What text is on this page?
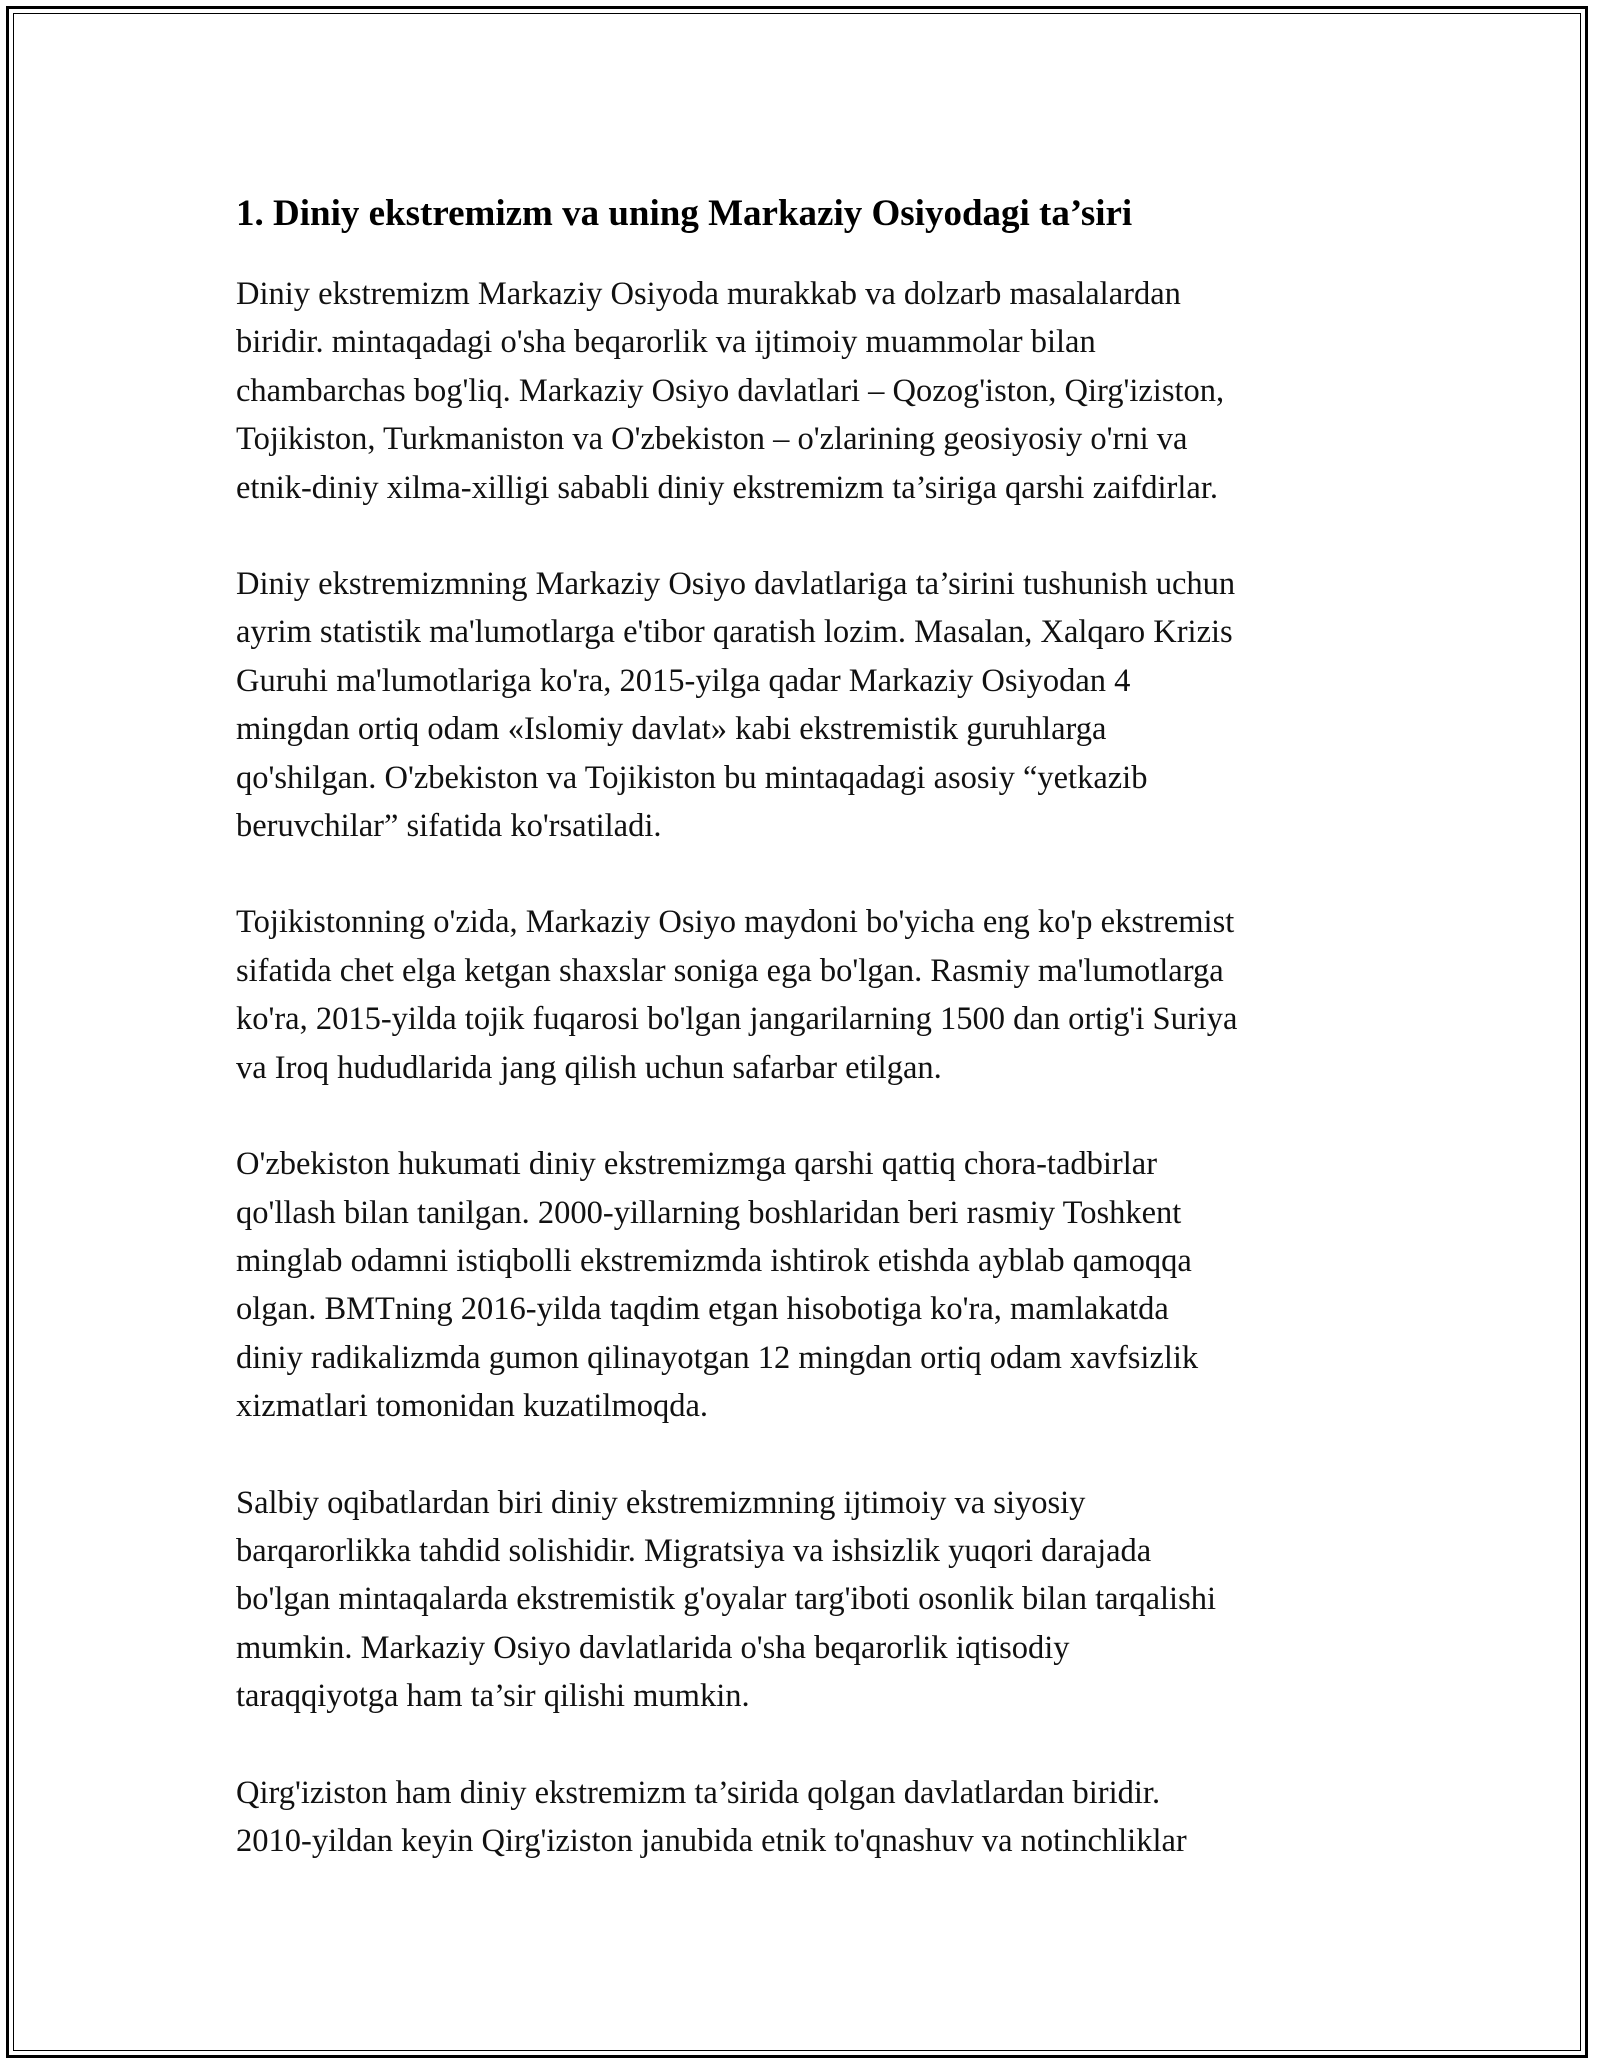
1. Diniy ekstremizm va uning Markaziy Osiyodagi ta’siri

Diniy ekstremizm Markaziy Osiyoda murakkab va dolzarb masalalardan
biridir. mintaqadagi o'sha beqarorlik va ijtimoiy muammolar bilan
chambarchas bog'liq. Markaziy Osiyo davlatlari – Qozog'iston, Qirg'iziston,
Tojikiston, Turkmaniston va O'zbekiston – o'zlarining geosiyosiy o'rni va
etnik-diniy xilma-xilligi sababli diniy ekstremizm ta’siriga qarshi zaifdirlar.

Diniy ekstremizmning Markaziy Osiyo davlatlariga ta’sirini tushunish uchun
ayrim statistik ma'lumotlarga e'tibor qaratish lozim. Masalan, Xalqaro Krizis
Guruhi ma'lumotlariga ko'ra, 2015-yilga qadar Markaziy Osiyodan 4
mingdan ortiq odam «Islomiy davlat» kabi ekstremistik guruhlarga
qo'shilgan. O'zbekiston va Tojikiston bu mintaqadagi asosiy “yetkazib
beruvchilar” sifatida ko'rsatiladi.

Tojikistonning o'zida, Markaziy Osiyo maydoni bo'yicha eng ko'p ekstremist
sifatida chet elga ketgan shaxslar soniga ega bo'lgan. Rasmiy ma'lumotlarga
ko'ra, 2015-yilda tojik fuqarosi bo'lgan jangarilarning 1500 dan ortig'i Suriya
va Iroq hududlarida jang qilish uchun safarbar etilgan.

O'zbekiston hukumati diniy ekstremizmga qarshi qattiq chora-tadbirlar
qo'llash bilan tanilgan. 2000-yillarning boshlaridan beri rasmiy Toshkent
minglab odamni istiqbolli ekstremizmda ishtirok etishda ayblab qamoqqa
olgan. BMTning 2016-yilda taqdim etgan hisobotiga ko'ra, mamlakatda
diniy radikalizmda gumon qilinayotgan 12 mingdan ortiq odam xavfsizlik
xizmatlari tomonidan kuzatilmoqda.

Salbiy oqibatlardan biri diniy ekstremizmning ijtimoiy va siyosiy
barqarorlikka tahdid solishidir. Migratsiya va ishsizlik yuqori darajada
bo'lgan mintaqalarda ekstremistik g'oyalar targ'iboti osonlik bilan tarqalishi
mumkin. Markaziy Osiyo davlatlarida o'sha beqarorlik iqtisodiy
taraqqiyotga ham ta’sir qilishi mumkin.

Qirg'iziston ham diniy ekstremizm ta’sirida qolgan davlatlardan biridir.
2010-yildan keyin Qirg'iziston janubida etnik to'qnashuv va notinchliklar
